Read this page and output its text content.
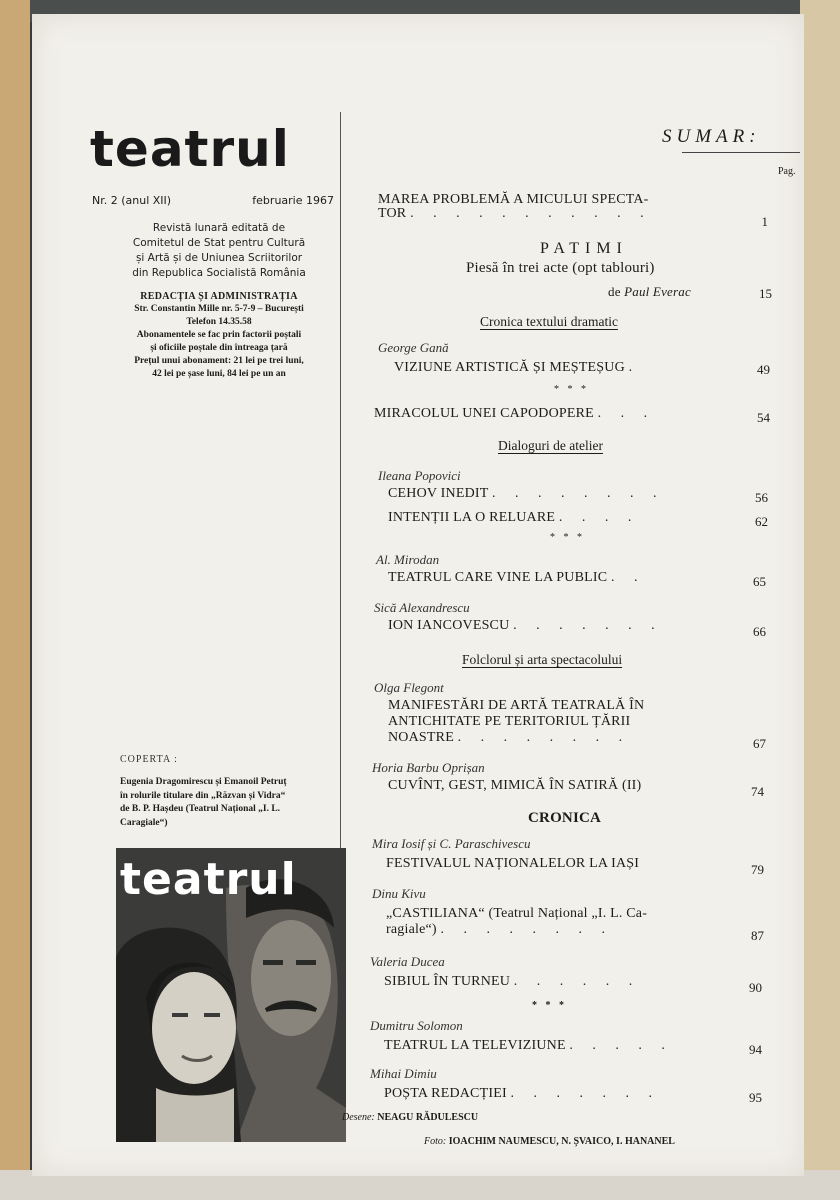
teatrul
Nr. 2 (anul XII)	februarie 1967
Revistă lunară editată de
Comitetul de Stat pentru Cultură
și Artă și de Uniunea Scriitorilor
din Republica Socialistă România
REDACȚIA ȘI ADMINISTRAȚIA
Str. Constantin Mille nr. 5-7-9 – București
Telefon 14.35.58
Abonamentele se fac prin factorii poștali
și oficiile poștale din întreaga țară
Prețul unui abonament: 21 lei pe trei luni,
42 lei pe șase luni, 84 lei pe un an
COPERTA :
Eugenia Dragomirescu și Emanoil Petruț
în rolurile titulare din „Răzvan și Vidra“
de B. P. Hașdeu (Teatrul Național „I. L.
Caragiale“)
teatrul
SUMAR:
Pag.
MAREA PROBLEMĂ A MICULUI SPECTA-
TOR . . . . . . . . . . .
1
PATIMI
Piesă în trei acte (opt tablouri)
de Paul Everac	15
Cronica textului dramatic
George Gană
VIZIUNE ARTISTICĂ ȘI MEȘTEȘUG .	49
* * *
MIRACOLUL UNEI CAPODOPERE . . .	54
Dialoguri de atelier
Ileana Popovici
CEHOV INEDIT . . . . . . . .	56
INTENȚII LA O RELUARE . . . .	62
* * *
Al. Mirodan
TEATRUL CARE VINE LA PUBLIC . .	65
Sică Alexandrescu
ION IANCOVESCU . . . . . . .	66
Folclorul și arta spectacolului
Olga Flegont
MANIFESTĂRI DE ARTĂ TEATRALĂ ÎN
ANTICHITATE PE TERITORIUL ȚĂRII
NOASTRE . . . . . . . .	67
Horia Barbu Oprișan
CUVÎNT, GEST, MIMICĂ ÎN SATIRĂ (II)	74
CRONICA
Mira Iosif și C. Paraschivescu
FESTIVALUL NAȚIONALELOR LA IAȘI	79
Dinu Kivu
„CASTILIANA“ (Teatrul Național „I. L. Ca-
ragiale“) . . . . . . . .	87
Valeria Ducea
SIBIUL ÎN TURNEU . . . . . .	90
* * *
Dumitru Solomon
TEATRUL LA TELEVIZIUNE . . . . .	94
Mihai Dimiu
POȘTA REDACȚIEI . . . . . . .	95
Desene: NEAGU RĂDULESCU
Foto: IOACHIM NAUMESCU, N. ȘVAICO, I. HANANEL
